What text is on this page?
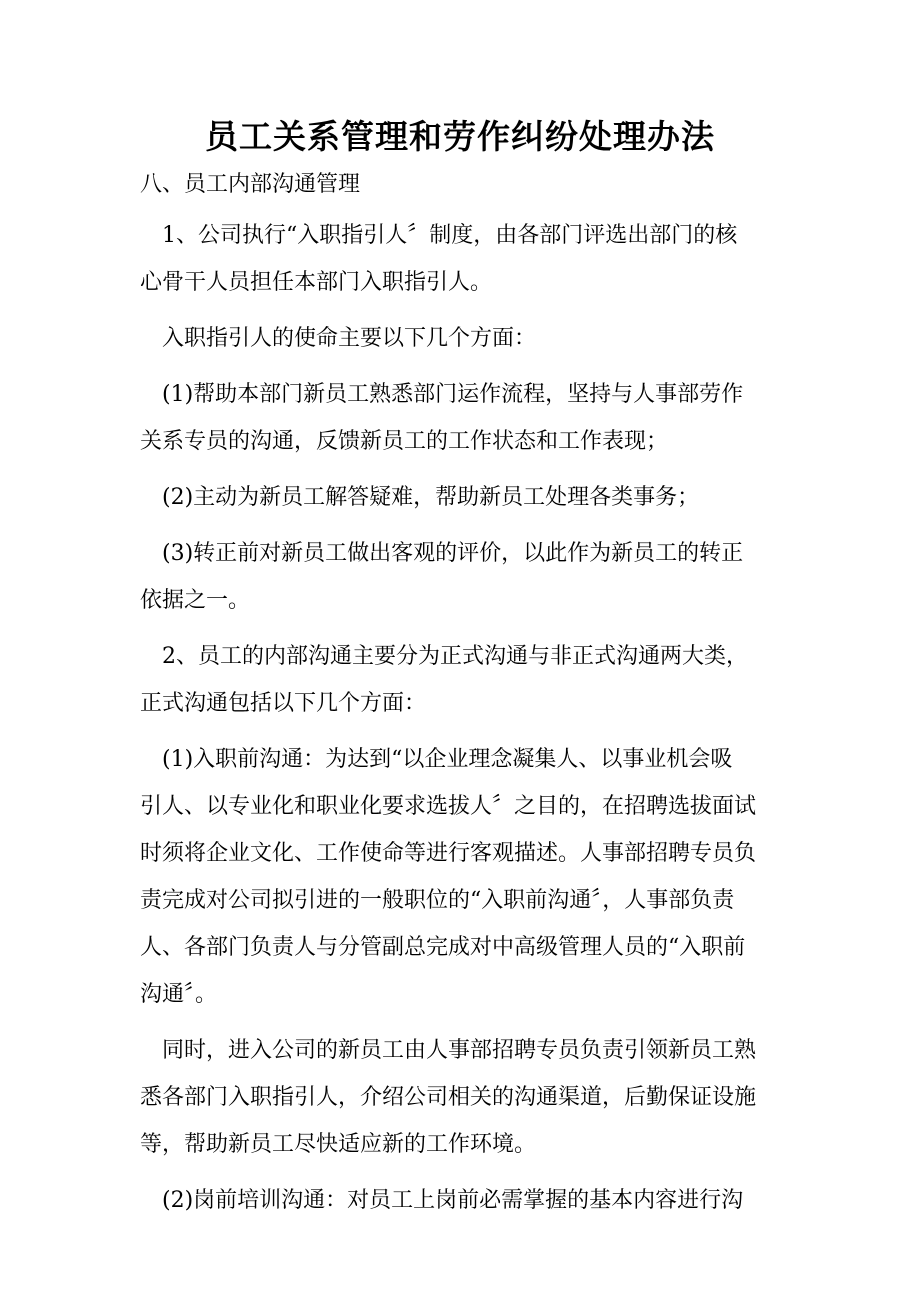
员工关系管理和劳作纠纷处理办法

八、员工内部沟通管理

1、公司执行“入职指引人〞制度，由各部门评选出部门的核
心骨干人员担任本部门入职指引人。

入职指引人的使命主要以下几个方面：

(1)帮助本部门新员工熟悉部门运作流程，坚持与人事部劳作
关系专员的沟通，反馈新员工的工作状态和工作表现；

(2)主动为新员工解答疑难，帮助新员工处理各类事务；

(3)转正前对新员工做出客观的评价，以此作为新员工的转正
依据之一。

2、员工的内部沟通主要分为正式沟通与非正式沟通两大类，
正式沟通包括以下几个方面：

(1)入职前沟通：为达到“以企业理念凝集人、以事业机会吸
引人、以专业化和职业化要求选拔人〞之目的，在招聘选拔面试
时须将企业文化、工作使命等进行客观描述。人事部招聘专员负
责完成对公司拟引进的一般职位的“入职前沟通〞，人事部负责
人、各部门负责人与分管副总完成对中高级管理人员的“入职前
沟通〞。

同时，进入公司的新员工由人事部招聘专员负责引领新员工熟
悉各部门入职指引人，介绍公司相关的沟通渠道，后勤保证设施
等，帮助新员工尽快适应新的工作环境。

(2)岗前培训沟通：对员工上岗前必需掌握的基本内容进行沟
